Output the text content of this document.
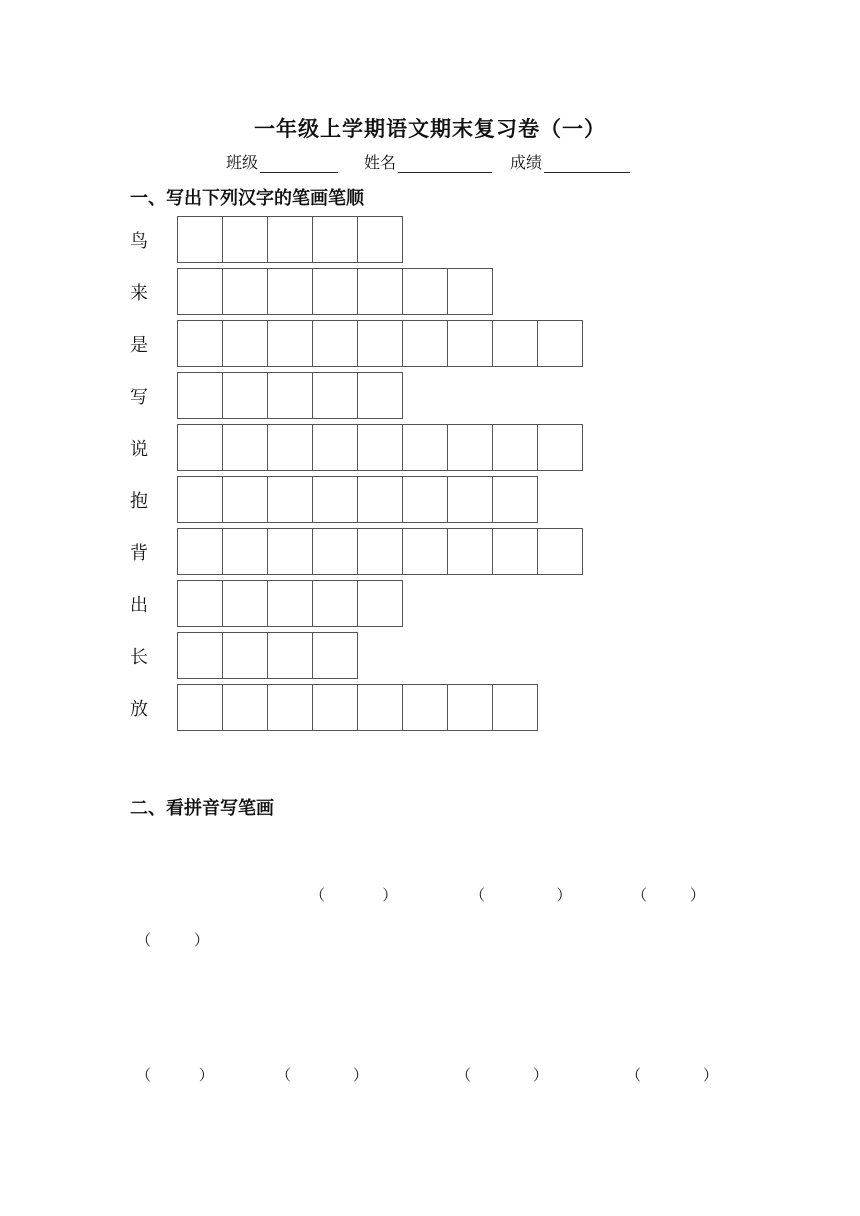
一年级上学期语文期末复习卷（一）
班级	姓名	成绩
一、写出下列汉字的笔画笔顺
鸟
来
是
写
说
抱
背
出
长
放
二、看拼音写笔画
（	）	（	）	（	）
（	）
（	）	（	）	（	）	（	）
